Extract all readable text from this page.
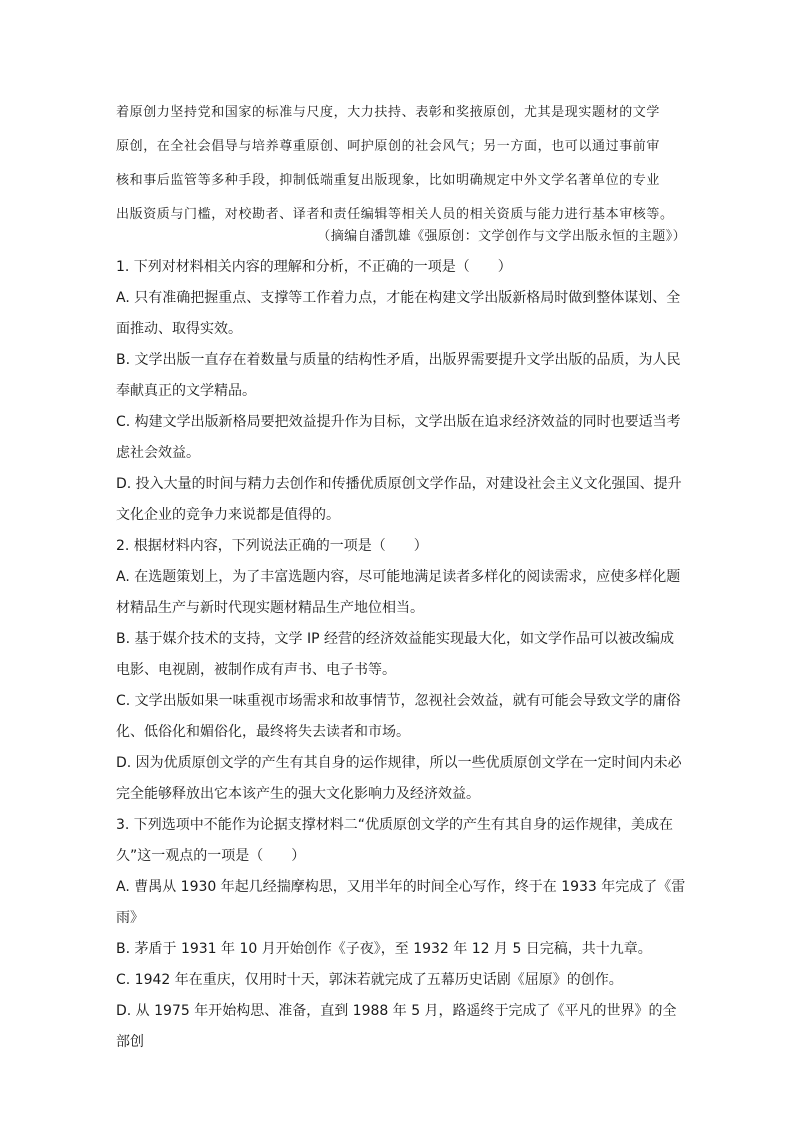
着原创力坚持党和国家的标准与尺度，大力扶持、表彰和奖掖原创，尤其是现实题材的文学

原创，在全社会倡导与培养尊重原创、呵护原创的社会风气；另一方面，也可以通过事前审

核和事后监管等多种手段，抑制低端重复出版现象，比如明确规定中外文学名著单位的专业

出版资质与门槛，对校勘者、译者和责任编辑等相关人员的相关资质与能力进行基本审核等。

（摘编自潘凯雄《强原创：文学创作与文学出版永恒的主题》）

1. 下列对材料相关内容的理解和分析，不正确的一项是（　　）

A. 只有准确把握重点、支撑等工作着力点，才能在构建文学出版新格局时做到整体谋划、全面推动、取得实效。

B. 文学出版一直存在着数量与质量的结构性矛盾，出版界需要提升文学出版的品质，为人民奉献真正的文学精品。

C. 构建文学出版新格局要把效益提升作为目标，文学出版在追求经济效益的同时也要适当考虑社会效益。

D. 投入大量的时间与精力去创作和传播优质原创文学作品，对建设社会主义文化强国、提升文化企业的竞争力来说都是值得的。

2. 根据材料内容，下列说法正确的一项是（　　）

A. 在选题策划上，为了丰富选题内容，尽可能地满足读者多样化的阅读需求，应使多样化题材精品生产与新时代现实题材精品生产地位相当。

B. 基于媒介技术的支持，文学 IP 经营的经济效益能实现最大化，如文学作品可以被改编成电影、电视剧，被制作成有声书、电子书等。

C. 文学出版如果一味重视市场需求和故事情节，忽视社会效益，就有可能会导致文学的庸俗化、低俗化和媚俗化，最终将失去读者和市场。

D. 因为优质原创文学的产生有其自身的运作规律，所以一些优质原创文学在一定时间内未必完全能够释放出它本该产生的强大文化影响力及经济效益。

3. 下列选项中不能作为论据支撑材料二“优质原创文学的产生有其自身的运作规律，美成在久”这一观点的一项是（　　）

A. 曹禺从 1930 年起几经揣摩构思，又用半年的时间全心写作，终于在 1933 年完成了《雷雨》

B. 茅盾于 1931 年 10 月开始创作《子夜》，至 1932 年 12 月 5 日完稿，共十九章。

C. 1942 年在重庆，仅用时十天，郭沫若就完成了五幕历史话剧《屈原》的创作。

D. 从 1975 年开始构思、准备，直到 1988 年 5 月，路遥终于完成了《平凡的世界》的全部创
